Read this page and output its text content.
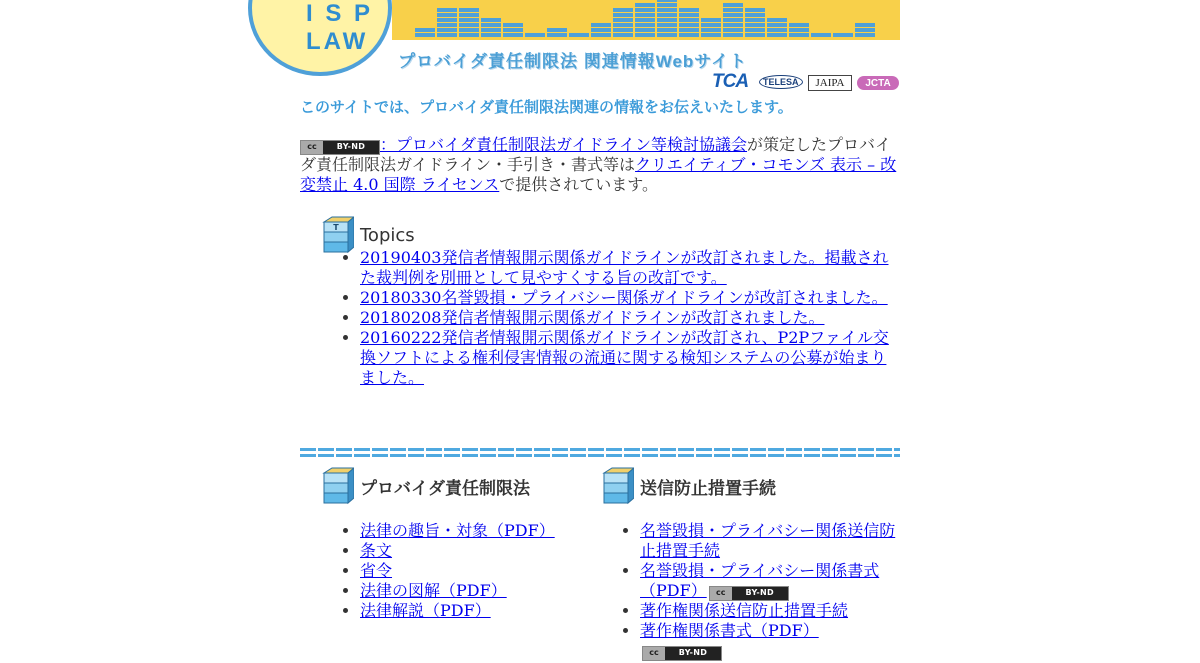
I S P
LAW
プロバイダ責任制限法 関連情報Webサイト
TCA	TELESA	JAIPA	JCTA
このサイトでは、プロバイダ責任制限法関連の情報をお伝えいたします。
cc	BY-ND ：プロバイダ責任制限法ガイドライン等検討協議会が策定したプロバイダ責任制限法ガイドライン・手引き・書式等はクリエイティブ・コモンズ 表示 – 改変禁止 4.0 国際 ライセンスで提供されています。
T Topics
• 20190403発信者情報開示関係ガイドラインが改訂されました。掲載された裁判例を別冊として見やすくする旨の改訂です。
• 20180330名誉毀損・プライバシー関係ガイドラインが改訂されました。
• 20180208発信者情報開示関係ガイドラインが改訂されました。
• 20160222発信者情報開示関係ガイドラインが改訂され、P2Pファイル交換ソフトによる権利侵害情報の流通に関する検知システムの公募が始まりました。
プロバイダ責任制限法
• 法律の趣旨・対象（PDF）
• 条文
• 省令
• 法律の図解（PDF）
• 法律解説（PDF）
送信防止措置手続
• 名誉毀損・プライバシー関係送信防止措置手続
• 名誉毀損・プライバシー関係書式（PDF）	cc	BY-ND
• 著作権関係送信防止措置手続
• 著作権関係書式（PDF）
cc	BY-ND
